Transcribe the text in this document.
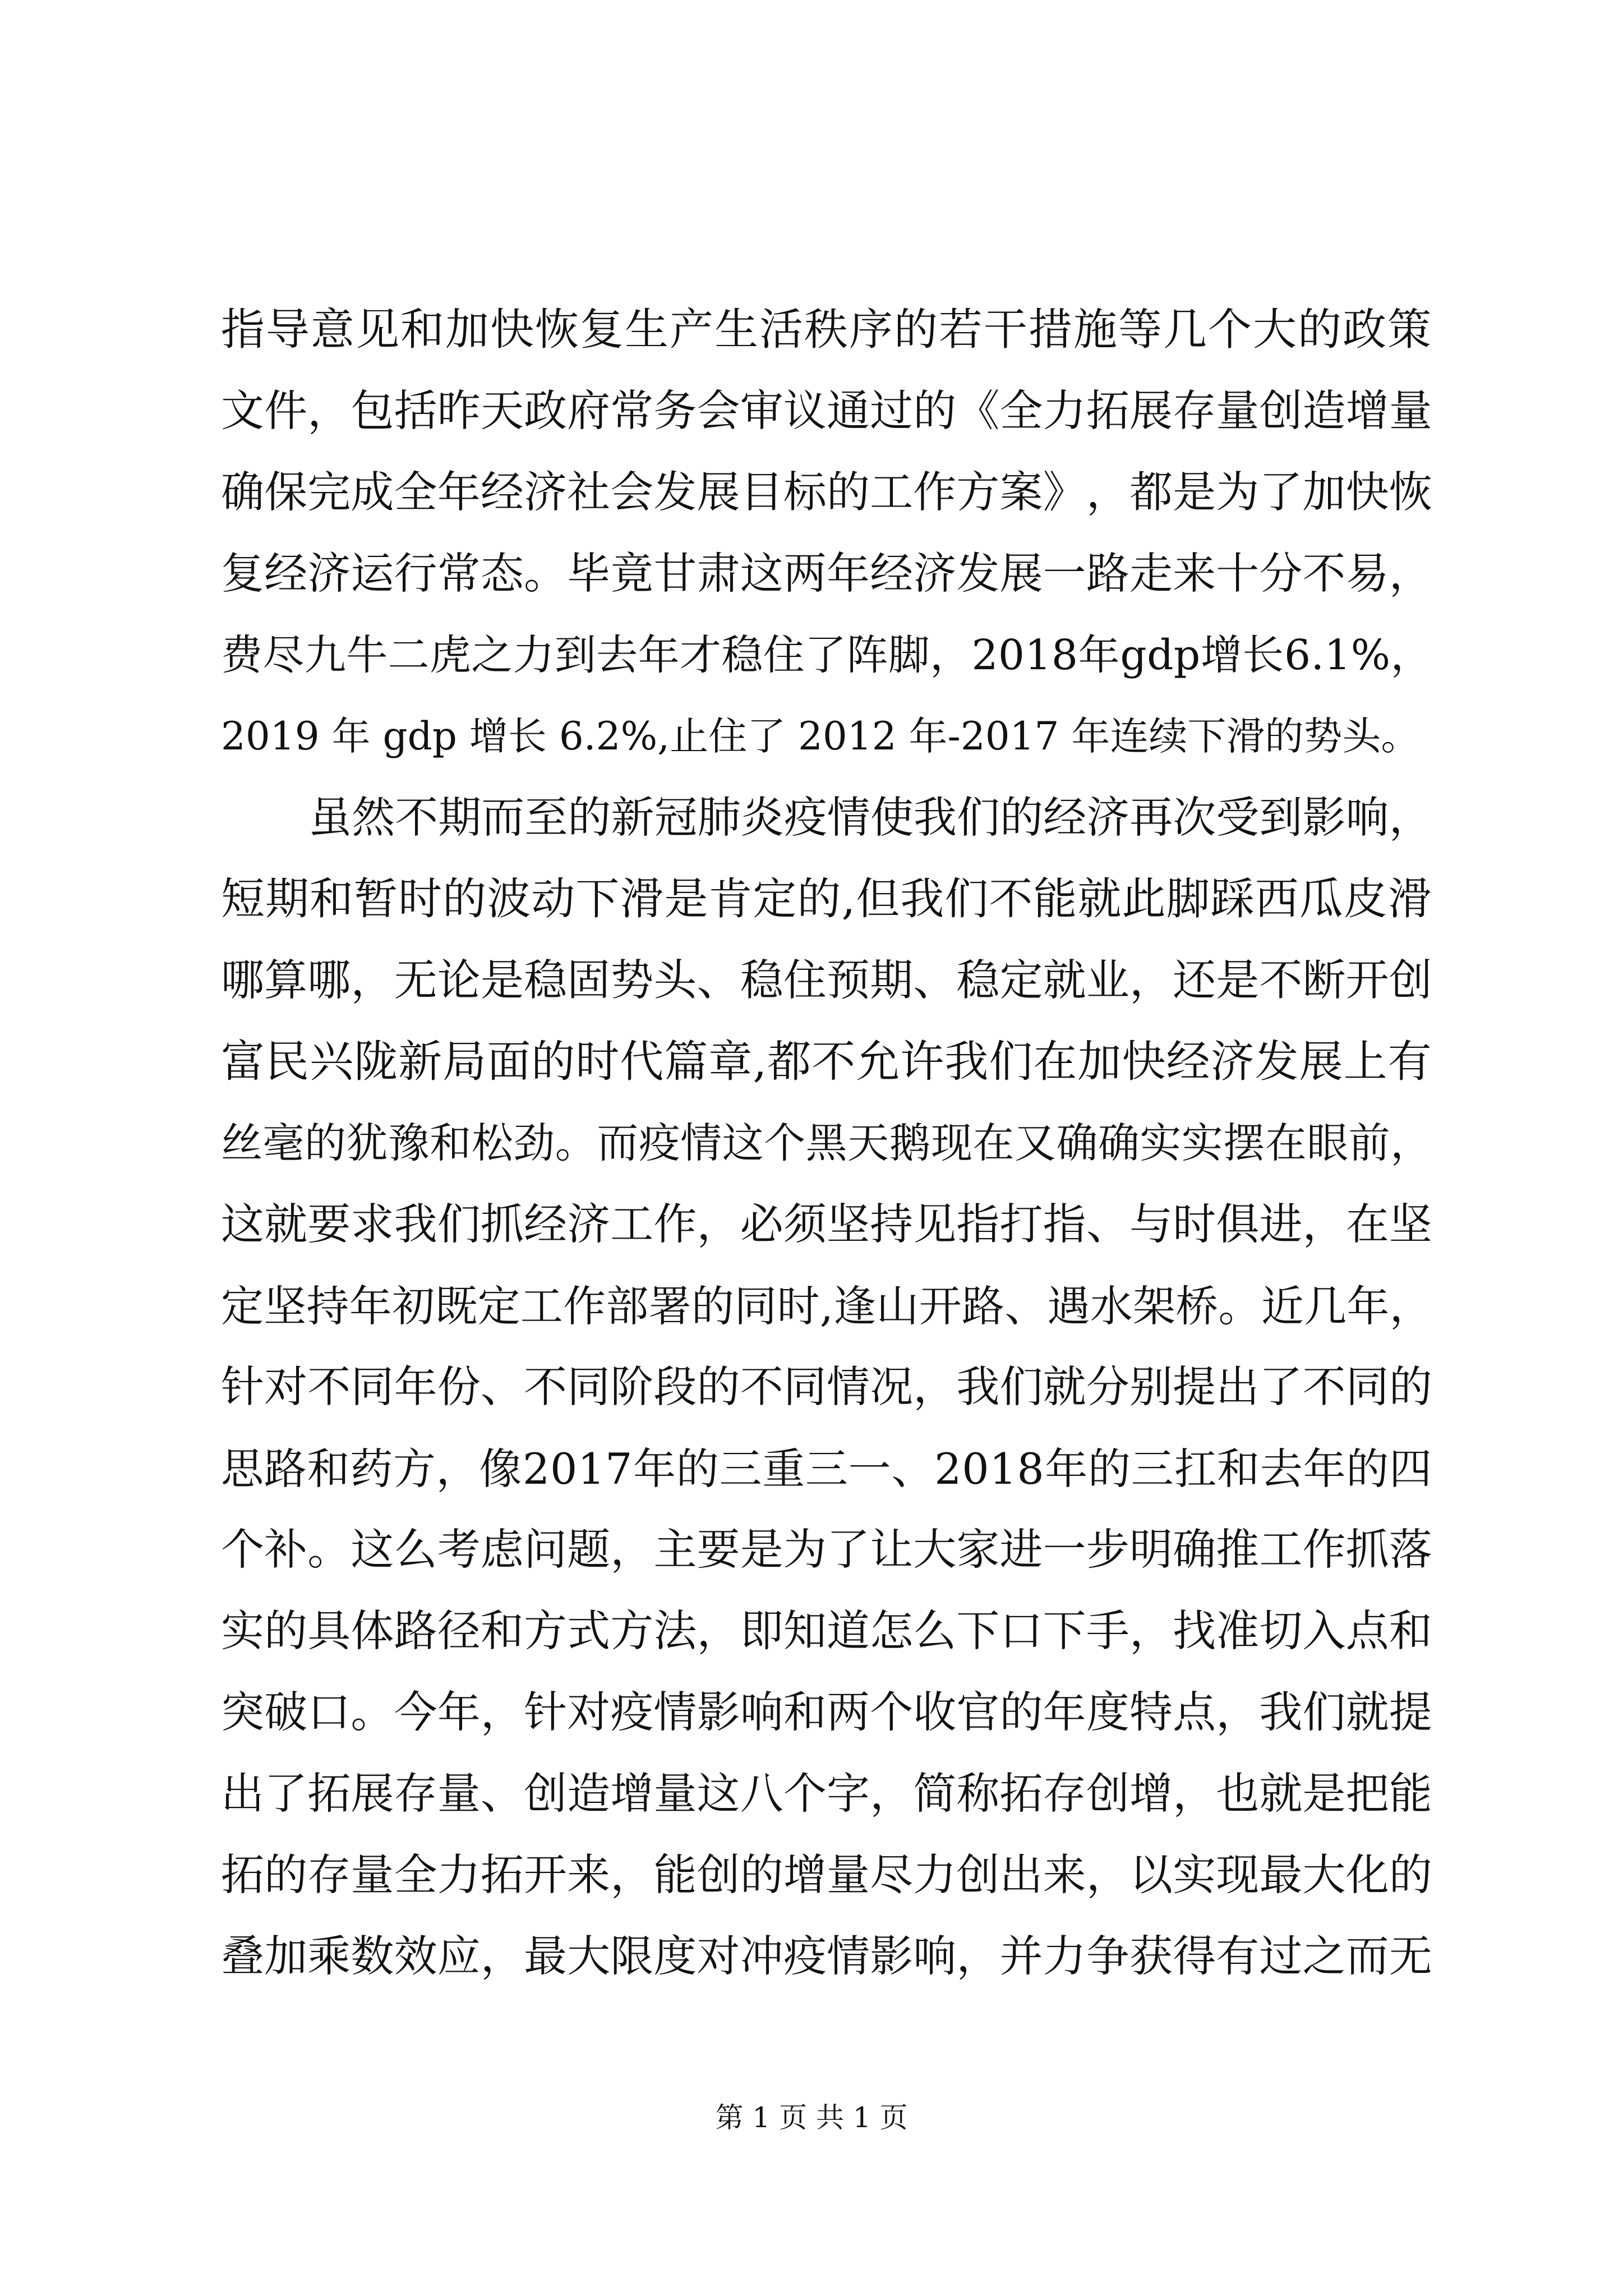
指 导 意 见 和 加 快 恢 复 生 产 生 活 秩 序 的 若 干 措 施 等 几 个 大 的 政 策
文 件 ， 包 括 昨 天 政 府 常 务 会 审 议 通 过 的 《 全 力 拓 展 存 量 创 造 增 量
确 保 完 成 全 年 经 济 社 会 发 展 目 标 的 工 作 方 案 》 ， 都 是 为 了 加 快 恢
复 经 济 运 行 常 态 。 毕 竟 甘 肃 这 两 年 经 济 发 展 一 路 走 来 十 分 不 易 ，
费 尽 九 牛 二 虎 之 力 到 去 年 才 稳 住 了 阵 脚 ， 2 0 1 8 年 g d p 增 长 6 . 1 % ，
2019 年 gdp 增长 6.2%,止住了 2012 年-2017 年连续下滑的势头。
虽 然 不 期 而 至 的 新 冠 肺 炎 疫 情 使 我 们 的 经 济 再 次 受 到 影 响 ，
短 期 和 暂 时 的 波 动 下 滑 是 肯 定 的 , 但 我 们 不 能 就 此 脚 踩 西 瓜 皮 滑
哪 算 哪 ， 无 论 是 稳 固 势 头 、 稳 住 预 期 、 稳 定 就 业 ， 还 是 不 断 开 创
富 民 兴 陇 新 局 面 的 时 代 篇 章 , 都 不 允 许 我 们 在 加 快 经 济 发 展 上 有
丝 毫 的 犹 豫 和 松 劲 。 而 疫 情 这 个 黑 天 鹅 现 在 又 确 确 实 实 摆 在 眼 前 ，
这 就 要 求 我 们 抓 经 济 工 作 ， 必 须 坚 持 见 指 打 指 、 与 时 俱 进 ， 在 坚
定 坚 持 年 初 既 定 工 作 部 署 的 同 时 , 逢 山 开 路 、 遇 水 架 桥 。 近 几 年 ，
针 对 不 同 年 份 、 不 同 阶 段 的 不 同 情 况 ， 我 们 就 分 别 提 出 了 不 同 的
思 路 和 药 方 ， 像 2 0 1 7 年 的 三 重 三 一 、 2 0 1 8 年 的 三 扛 和 去 年 的 四
个 补 。 这 么 考 虑 问 题 ， 主 要 是 为 了 让 大 家 进 一 步 明 确 推 工 作 抓 落
实 的 具 体 路 径 和 方 式 方 法 ， 即 知 道 怎 么 下 口 下 手 ， 找 准 切 入 点 和
突 破 口 。 今 年 ， 针 对 疫 情 影 响 和 两 个 收 官 的 年 度 特 点 ， 我 们 就 提
出 了 拓 展 存 量 、 创 造 增 量 这 八 个 字 ， 简 称 拓 存 创 增 ， 也 就 是 把 能
拓 的 存 量 全 力 拓 开 来 ， 能 创 的 增 量 尽 力 创 出 来 ， 以 实 现 最 大 化 的
叠 加 乘 数 效 应 ， 最 大 限 度 对 冲 疫 情 影 响 ， 并 力 争 获 得 有 过 之 而 无
第 1 页 共 1 页
